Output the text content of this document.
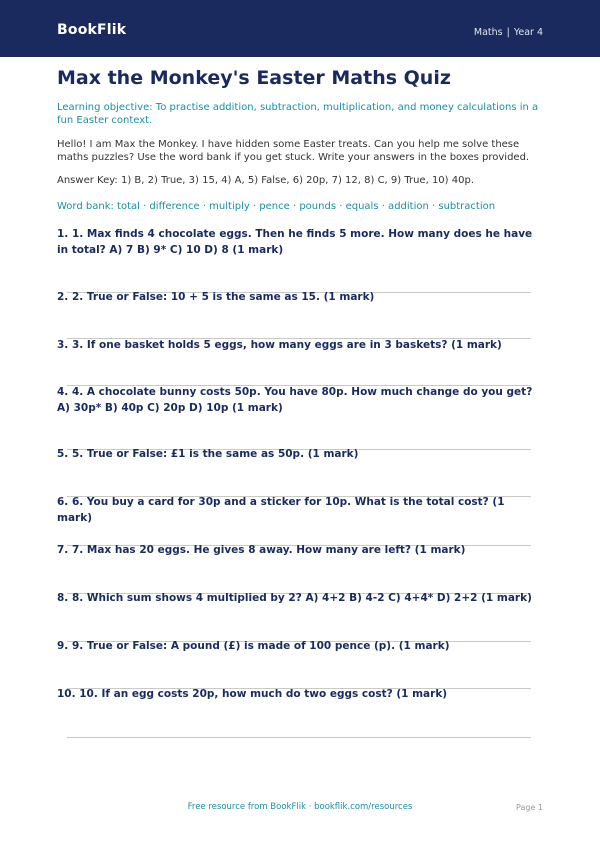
BookFlik	Maths | Year 4
Max the Monkey's Easter Maths Quiz
Learning objective: To practise addition, subtraction, multiplication, and money calculations in a fun Easter context.
Hello! I am Max the Monkey. I have hidden some Easter treats. Can you help me solve these maths puzzles? Use the word bank if you get stuck. Write your answers in the boxes provided.
Answer Key: 1) B, 2) True, 3) 15, 4) A, 5) False, 6) 20p, 7) 12, 8) C, 9) True, 10) 40p.
Word bank: total · difference · multiply · pence · pounds · equals · addition · subtraction
1. 1. Max finds 4 chocolate eggs. Then he finds 5 more. How many does he have in total? A) 7 B) 9* C) 10 D) 8 (1 mark)
2. 2. True or False: 10 + 5 is the same as 15. (1 mark)
3. 3. If one basket holds 5 eggs, how many eggs are in 3 baskets? (1 mark)
4. 4. A chocolate bunny costs 50p. You have 80p. How much change do you get? A) 30p* B) 40p C) 20p D) 10p (1 mark)
5. 5. True or False: £1 is the same as 50p. (1 mark)
6. 6. You buy a card for 30p and a sticker for 10p. What is the total cost? (1 mark)
7. 7. Max has 20 eggs. He gives 8 away. How many are left? (1 mark)
8. 8. Which sum shows 4 multiplied by 2? A) 4+2 B) 4-2 C) 4+4* D) 2+2 (1 mark)
9. 9. True or False: A pound (£) is made of 100 pence (p). (1 mark)
10. 10. If an egg costs 20p, how much do two eggs cost? (1 mark)
Free resource from BookFlik · bookflik.com/resources	Page 1
